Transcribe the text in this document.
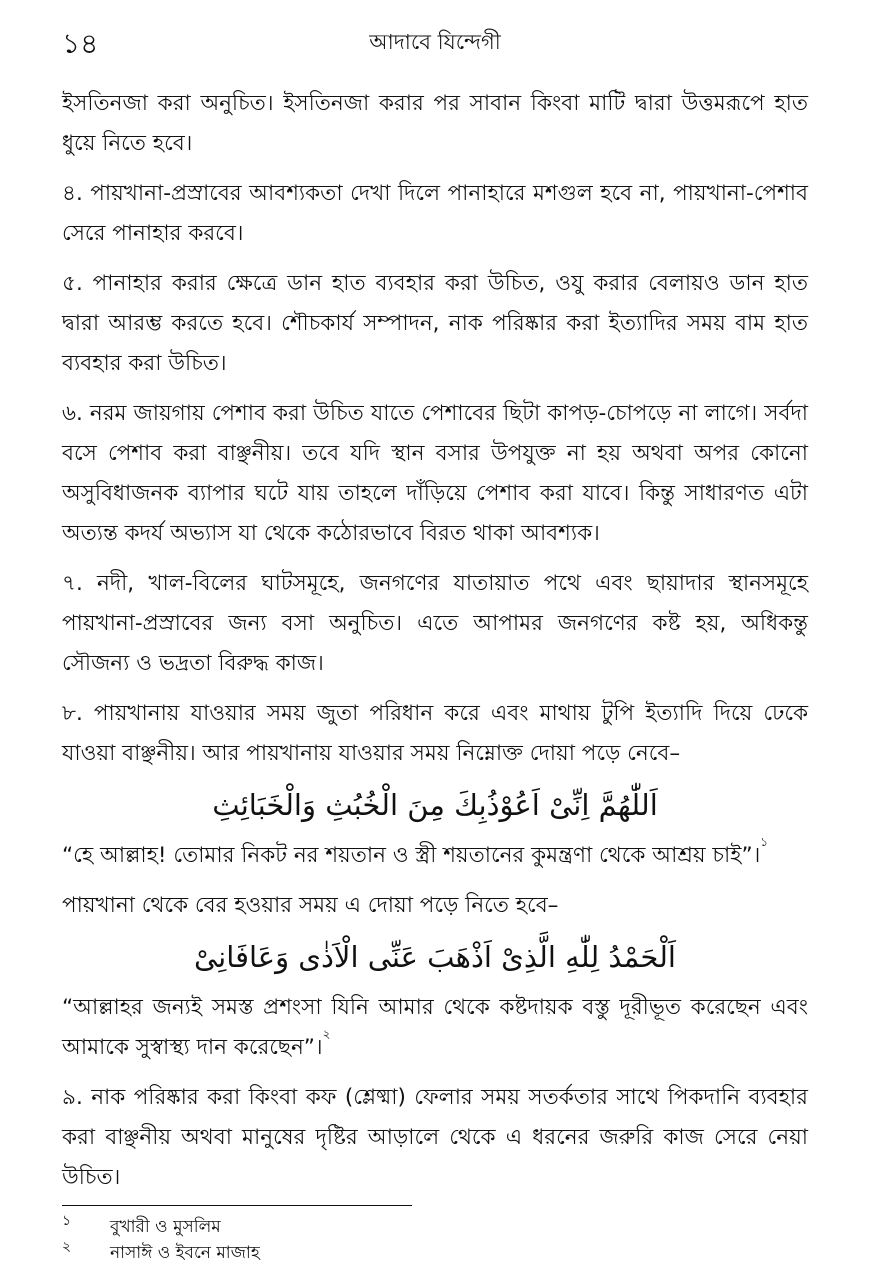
১৪	আদাবে যিন্দেগী

ইসতিনজা করা অনুচিত। ইসতিনজা করার পর সাবান কিংবা মাটি দ্বারা উত্তমরূপে হাত ধুয়ে নিতে হবে।

৪. পায়খানা-প্রস্রাবের আবশ্যকতা দেখা দিলে পানাহারে মশগুল হবে না, পায়খানা-পেশাব সেরে পানাহার করবে।

৫. পানাহার করার ক্ষেত্রে ডান হাত ব্যবহার করা উচিত, ওযু করার বেলায়ও ডান হাত দ্বারা আরম্ভ করতে হবে। শৌচকার্য সম্পাদন, নাক পরিষ্কার করা ইত্যাদির সময় বাম হাত ব্যবহার করা উচিত।

৬. নরম জায়গায় পেশাব করা উচিত যাতে পেশাবের ছিটা কাপড়-চোপড়ে না লাগে। সর্বদা বসে পেশাব করা বাঞ্ছনীয়। তবে যদি স্থান বসার উপযুক্ত না হয় অথবা অপর কোনো অসুবিধাজনক ব্যাপার ঘটে যায় তাহলে দাঁড়িয়ে পেশাব করা যাবে। কিন্তু সাধারণত এটা অত্যন্ত কদর্য অভ্যাস যা থেকে কঠোরভাবে বিরত থাকা আবশ্যক।

৭. নদী, খাল-বিলের ঘাটসমূহে, জনগণের যাতায়াত পথে এবং ছায়াদার স্থানসমূহে পায়খানা-প্রস্রাবের জন্য বসা অনুচিত। এতে আপামর জনগণের কষ্ট হয়, অধিকন্তু সৌজন্য ও ভদ্রতা বিরুদ্ধ কাজ।

৮. পায়খানায় যাওয়ার সময় জুতা পরিধান করে এবং মাথায় টুপি ইত্যাদি দিয়ে ঢেকে যাওয়া বাঞ্ছনীয়। আর পায়খানায় যাওয়ার সময় নিম্নোক্ত দোয়া পড়ে নেবে–

اَللّٰهُمَّ اِنِّىْ اَعُوْذُبِكَ مِنَ الْخُبُثِ وَالْخَبَائِثِ

“হে আল্লাহ! তোমার নিকট নর শয়তান ও স্ত্রী শয়তানের কুমন্ত্রণা থেকে আশ্রয় চাই”।$^১$

পায়খানা থেকে বের হওয়ার সময় এ দোয়া পড়ে নিতে হবে–

اَلْحَمْدُ لِلّٰهِ الَّذِىْ اَذْهَبَ عَنِّى الْاَذٰى وَعَافَانِىْ

“আল্লাহর জন্যই সমস্ত প্রশংসা যিনি আমার থেকে কষ্টদায়ক বস্তু দূরীভূত করেছেন এবং আমাকে সুস্বাস্থ্য দান করেছেন”।$^২$

৯. নাক পরিষ্কার করা কিংবা কফ (শ্লেষ্মা) ফেলার সময় সতর্কতার সাথে পিকদানি ব্যবহার করা বাঞ্ছনীয় অথবা মানুষের দৃষ্টির আড়ালে থেকে এ ধরনের জরুরি কাজ সেরে নেয়া উচিত।

১ বুখারী ও মুসলিম
২ নাসাঈ ও ইবনে মাজাহ
